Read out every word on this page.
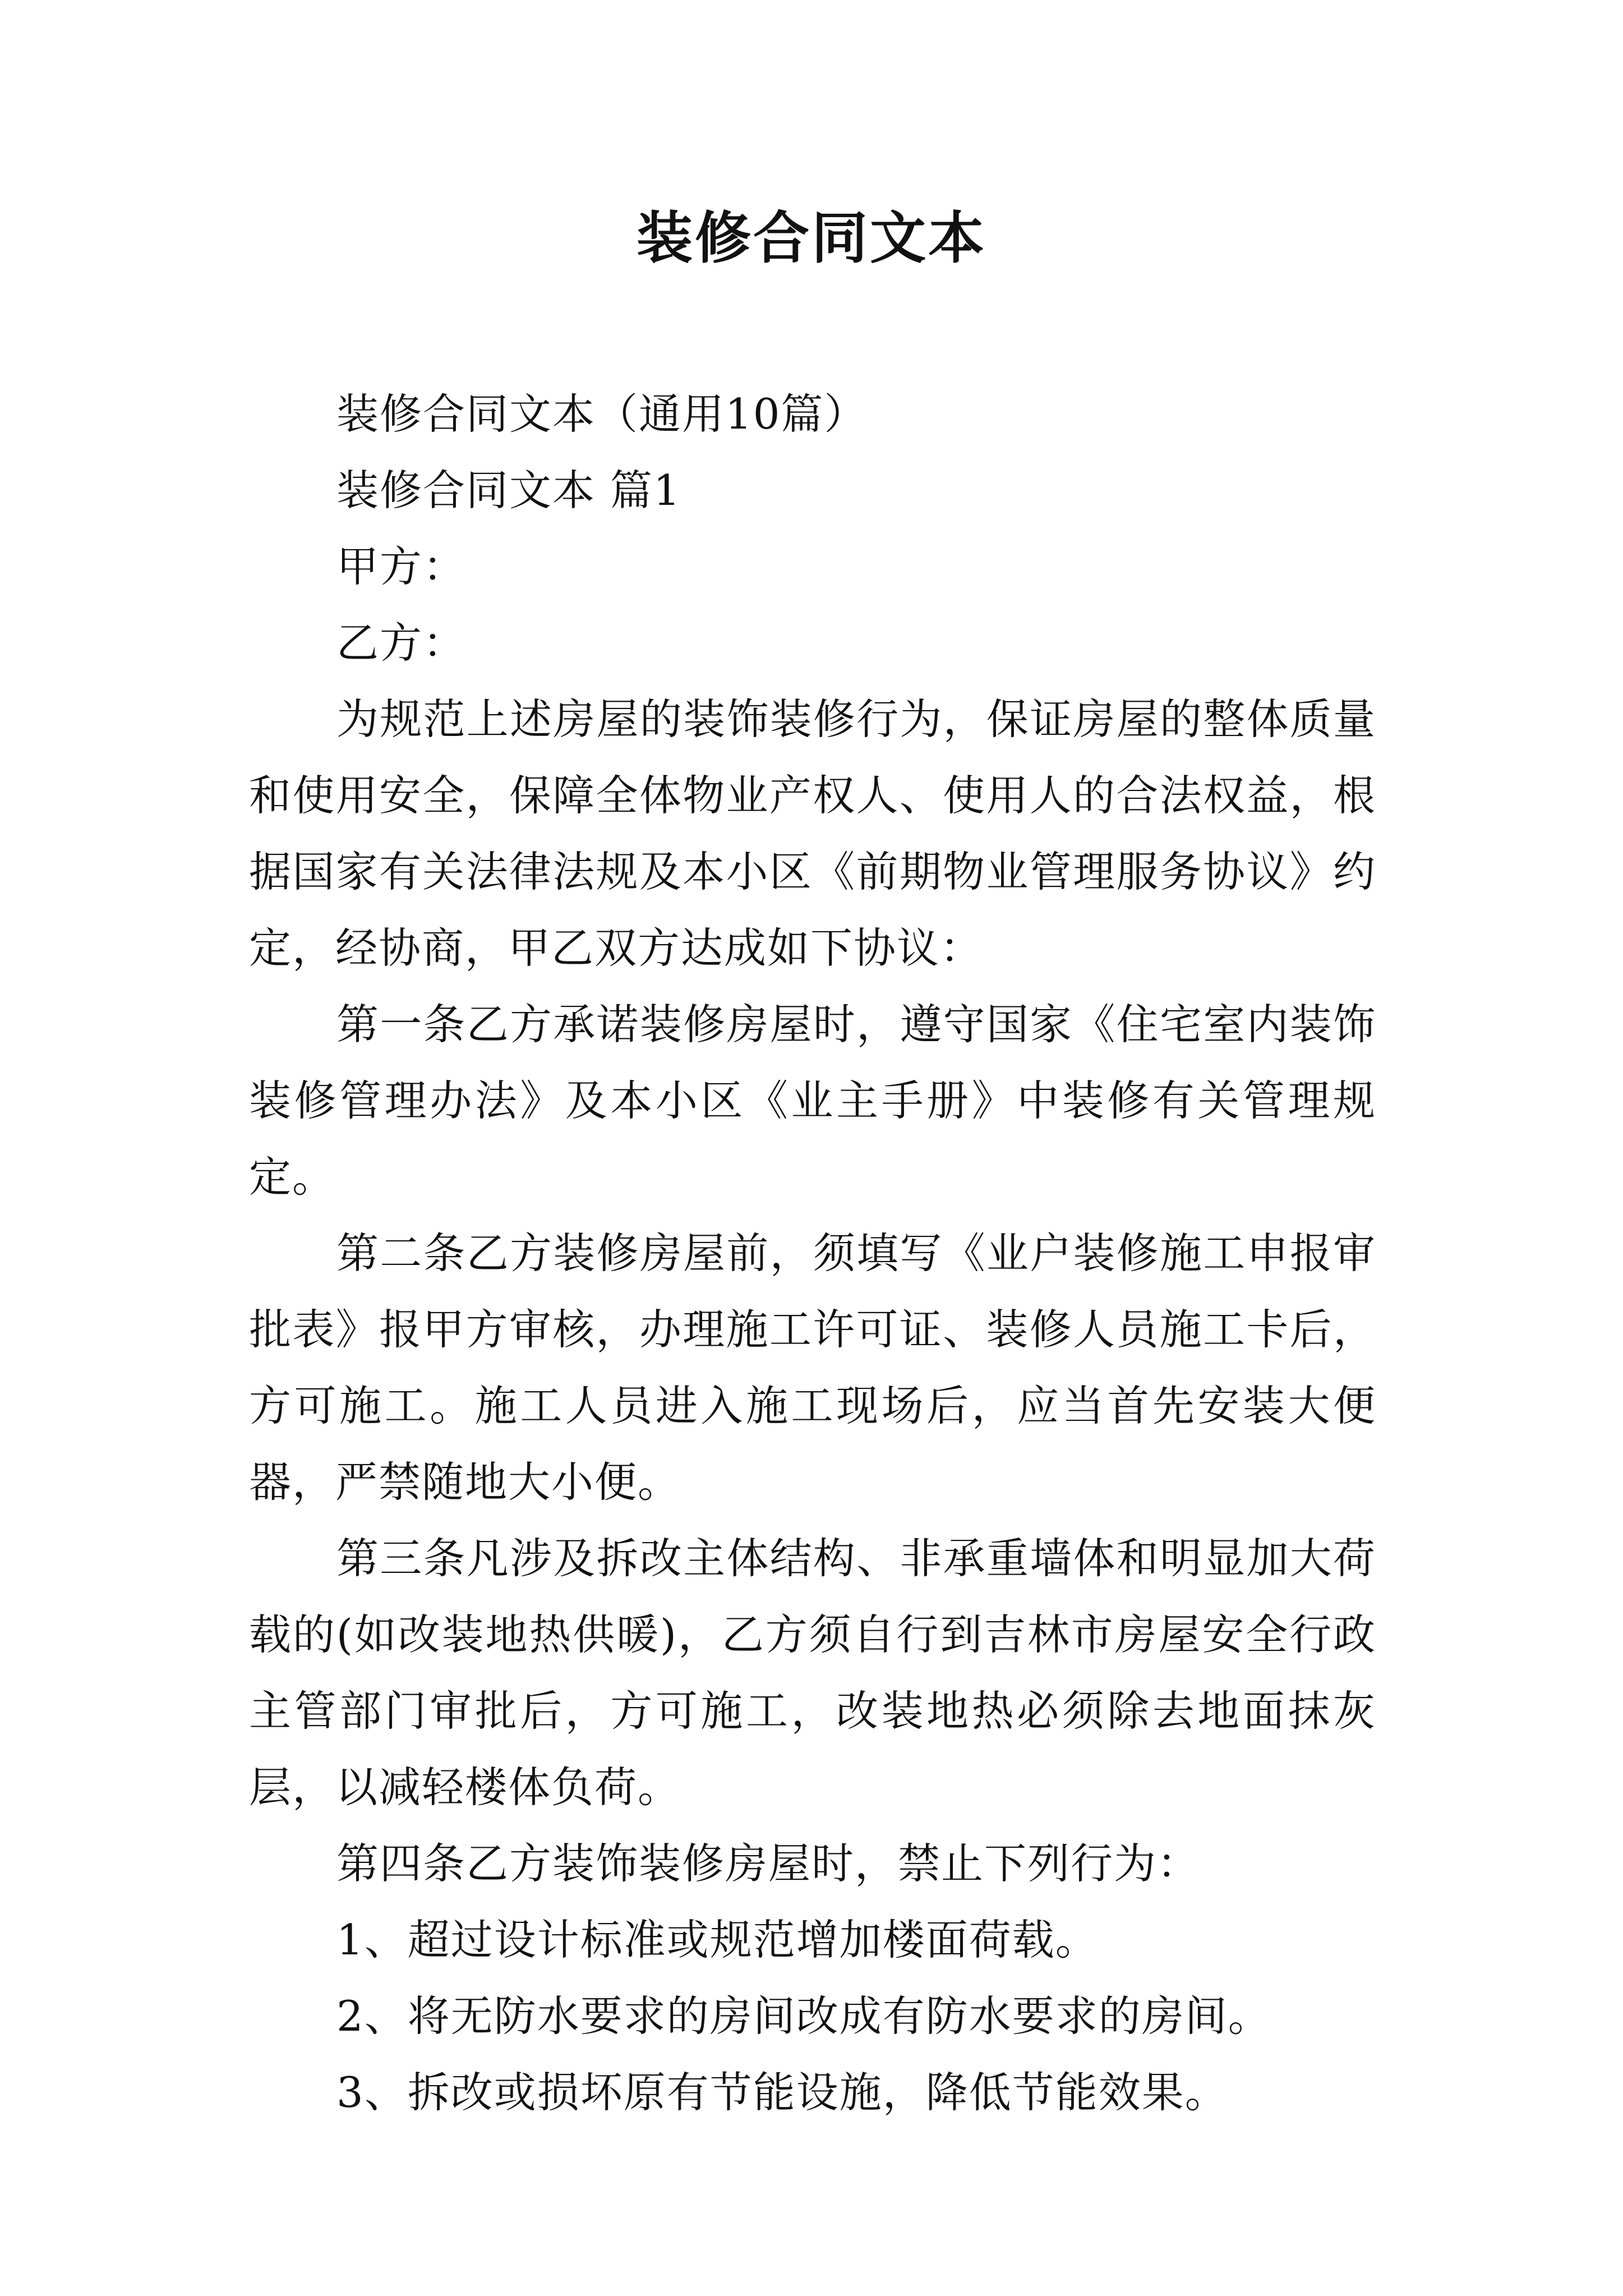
装修合同文本

装修合同文本（通用10篇）

装修合同文本 篇1

甲方：

乙方：

为规范上述房屋的装饰装修行为，保证房屋的整体质量和使用安全，保障全体物业产权人、使用人的合法权益，根据国家有关法律法规及本小区《前期物业管理服务协议》约定，经协商，甲乙双方达成如下协议：

第一条乙方承诺装修房屋时，遵守国家《住宅室内装饰装修管理办法》及本小区《业主手册》中装修有关管理规定。

第二条乙方装修房屋前，须填写《业户装修施工申报审批表》报甲方审核，办理施工许可证、装修人员施工卡后，方可施工。施工人员进入施工现场后，应当首先安装大便器，严禁随地大小便。

第三条凡涉及拆改主体结构、非承重墙体和明显加大荷载的(如改装地热供暖)，乙方须自行到吉林市房屋安全行政主管部门审批后，方可施工，改装地热必须除去地面抹灰层，以减轻楼体负荷。

第四条乙方装饰装修房屋时，禁止下列行为：

1、超过设计标准或规范增加楼面荷载。

2、将无防水要求的房间改成有防水要求的房间。

3、拆改或损坏原有节能设施，降低节能效果。
